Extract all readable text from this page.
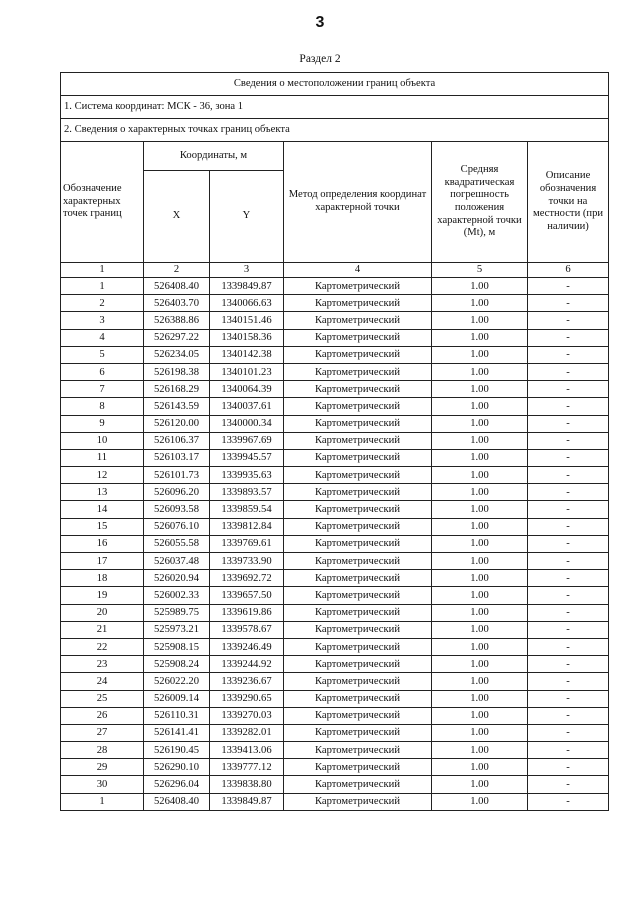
3
Раздел 2
Сведения о местоположении границ объекта					
1. Система координат: МСК - 36, зона 1					
2. Сведения о характерных точках границ объекта					
Обозначение характерных точек границ	Координаты, м		Метод определения координат характерной точки	Средняя квадратическая погрешность положения характерной точки (Mt), м	Описание обозначения точки на местности (при наличии)
	X	Y			
1	2	3	4	5	6
1	526408.40	1339849.87	Картометрический	1.00	-
2	526403.70	1340066.63	Картометрический	1.00	-
3	526388.86	1340151.46	Картометрический	1.00	-
4	526297.22	1340158.36	Картометрический	1.00	-
5	526234.05	1340142.38	Картометрический	1.00	-
6	526198.38	1340101.23	Картометрический	1.00	-
7	526168.29	1340064.39	Картометрический	1.00	-
8	526143.59	1340037.61	Картометрический	1.00	-
9	526120.00	1340000.34	Картометрический	1.00	-
10	526106.37	1339967.69	Картометрический	1.00	-
11	526103.17	1339945.57	Картометрический	1.00	-
12	526101.73	1339935.63	Картометрический	1.00	-
13	526096.20	1339893.57	Картометрический	1.00	-
14	526093.58	1339859.54	Картометрический	1.00	-
15	526076.10	1339812.84	Картометрический	1.00	-
16	526055.58	1339769.61	Картометрический	1.00	-
17	526037.48	1339733.90	Картометрический	1.00	-
18	526020.94	1339692.72	Картометрический	1.00	-
19	526002.33	1339657.50	Картометрический	1.00	-
20	525989.75	1339619.86	Картометрический	1.00	-
21	525973.21	1339578.67	Картометрический	1.00	-
22	525908.15	1339246.49	Картометрический	1.00	-
23	525908.24	1339244.92	Картометрический	1.00	-
24	526022.20	1339236.67	Картометрический	1.00	-
25	526009.14	1339290.65	Картометрический	1.00	-
26	526110.31	1339270.03	Картометрический	1.00	-
27	526141.41	1339282.01	Картометрический	1.00	-
28	526190.45	1339413.06	Картометрический	1.00	-
29	526290.10	1339777.12	Картометрический	1.00	-
30	526296.04	1339838.80	Картометрический	1.00	-
1	526408.40	1339849.87	Картометрический	1.00	-
